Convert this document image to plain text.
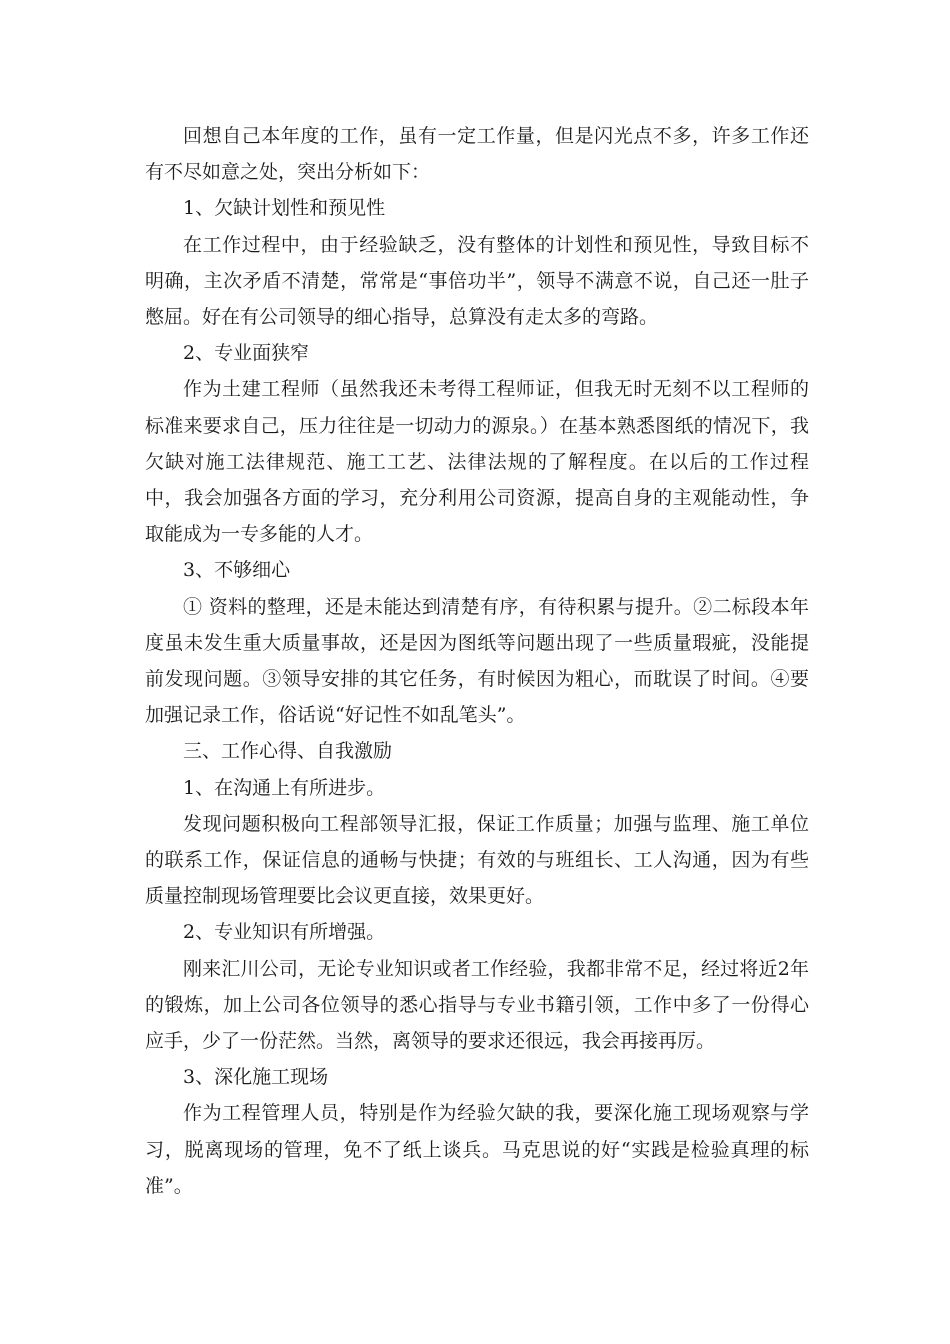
回想自己本年度的工作，虽有一定工作量，但是闪光点不多，许多工作还有不尽如意之处，突出分析如下：

1、欠缺计划性和预见性

在工作过程中，由于经验缺乏，没有整体的计划性和预见性，导致目标不明确，主次矛盾不清楚，常常是“事倍功半”，领导不满意不说，自己还一肚子憋屈。好在有公司领导的细心指导，总算没有走太多的弯路。

2、专业面狭窄

作为土建工程师（虽然我还未考得工程师证，但我无时无刻不以工程师的标准来要求自己，压力往往是一切动力的源泉。）在基本熟悉图纸的情况下，我欠缺对施工法律规范、施工工艺、法律法规的了解程度。在以后的工作过程中，我会加强各方面的学习，充分利用公司资源，提高自身的主观能动性，争取能成为一专多能的人才。

3、不够细心

① 资料的整理，还是未能达到清楚有序，有待积累与提升。②二标段本年度虽未发生重大质量事故，还是因为图纸等问题出现了一些质量瑕疵，没能提前发现问题。③领导安排的其它任务，有时候因为粗心，而耽误了时间。④要加强记录工作，俗话说“好记性不如乱笔头”。

三、工作心得、自我激励

1、在沟通上有所进步。

发现问题积极向工程部领导汇报，保证工作质量；加强与监理、施工单位的联系工作，保证信息的通畅与快捷；有效的与班组长、工人沟通，因为有些质量控制现场管理要比会议更直接，效果更好。

2、专业知识有所增强。

刚来汇川公司，无论专业知识或者工作经验，我都非常不足，经过将近2年的锻炼，加上公司各位领导的悉心指导与专业书籍引领，工作中多了一份得心应手，少了一份茫然。当然，离领导的要求还很远，我会再接再厉。

3、深化施工现场

作为工程管理人员，特别是作为经验欠缺的我，要深化施工现场观察与学习，脱离现场的管理，免不了纸上谈兵。马克思说的好“实践是检验真理的标准”。
